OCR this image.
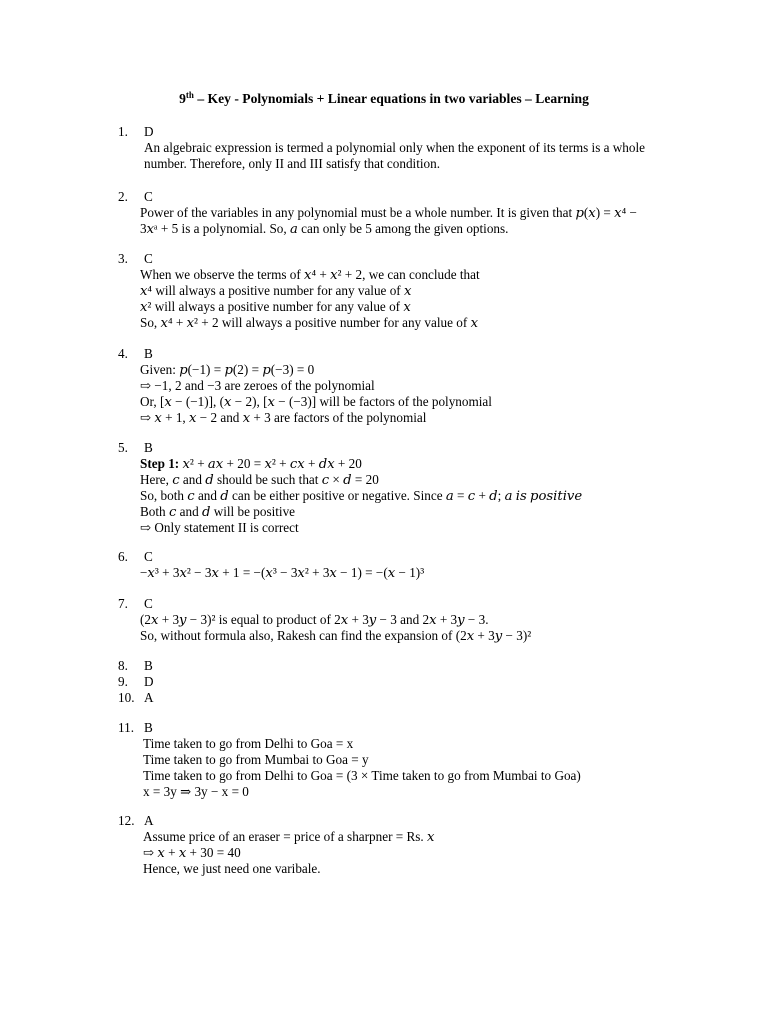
9th – Key - Polynomials + Linear equations in two variables – Learning
1.	D
An algebraic expression is termed a polynomial only when the exponent of its terms is a whole
number. Therefore, only II and III satisfy that condition.
2.	C
Power of the variables in any polynomial must be a whole number. It is given that 𝑝(𝑥) = 𝑥⁴ −
3𝑥ᵃ + 5 is a polynomial. So, 𝑎 can only be 5 among the given options.
3.	C
When we observe the terms of 𝑥⁴ + 𝑥² + 2, we can conclude that
𝑥⁴ will always a positive number for any value of 𝑥
𝑥² will always a positive number for any value of 𝑥
So, 𝑥⁴ + 𝑥² + 2 will always a positive number for any value of 𝑥
4.	B
Given: 𝑝(−1) = 𝑝(2) = 𝑝(−3) = 0
⇨ −1, 2 and −3 are zeroes of the polynomial
Or, [𝑥 − (−1)], (𝑥 − 2), [𝑥 − (−3)] will be factors of the polynomial
⇨ 𝑥 + 1, 𝑥 − 2 and 𝑥 + 3 are factors of the polynomial
5.	B
Step 1: 𝑥² + 𝑎𝑥 + 20 = 𝑥² + 𝑐𝑥 + 𝑑𝑥 + 20
Here, 𝑐 and 𝑑 should be such that 𝑐 × 𝑑 = 20
So, both 𝑐 and 𝑑 can be either positive or negative. Since 𝑎 = 𝑐 + 𝑑; 𝑎 𝑖𝑠 𝑝𝑜𝑠𝑖𝑡𝑖𝑣𝑒
Both 𝑐 and 𝑑 will be positive
⇨ Only statement II is correct
6.	C
−𝑥³ + 3𝑥² − 3𝑥 + 1 = −(𝑥³ − 3𝑥² + 3𝑥 − 1) = −(𝑥 − 1)³
7.	C
(2𝑥 + 3𝑦 − 3)² is equal to product of 2𝑥 + 3𝑦 − 3 and 2𝑥 + 3𝑦 − 3.
So, without formula also, Rakesh can find the expansion of (2𝑥 + 3𝑦 − 3)²
8.	B
9.	D
10. A
11. B
Time taken to go from Delhi to Goa = x
Time taken to go from Mumbai to Goa = y
Time taken to go from Delhi to Goa = (3 × Time taken to go from Mumbai to Goa)
x = 3y ⇒ 3y − x = 0
12. A
Assume price of an eraser = price of a sharpner = Rs. 𝑥
⇨ 𝑥 + 𝑥 + 30 = 40
Hence, we just need one varibale.
